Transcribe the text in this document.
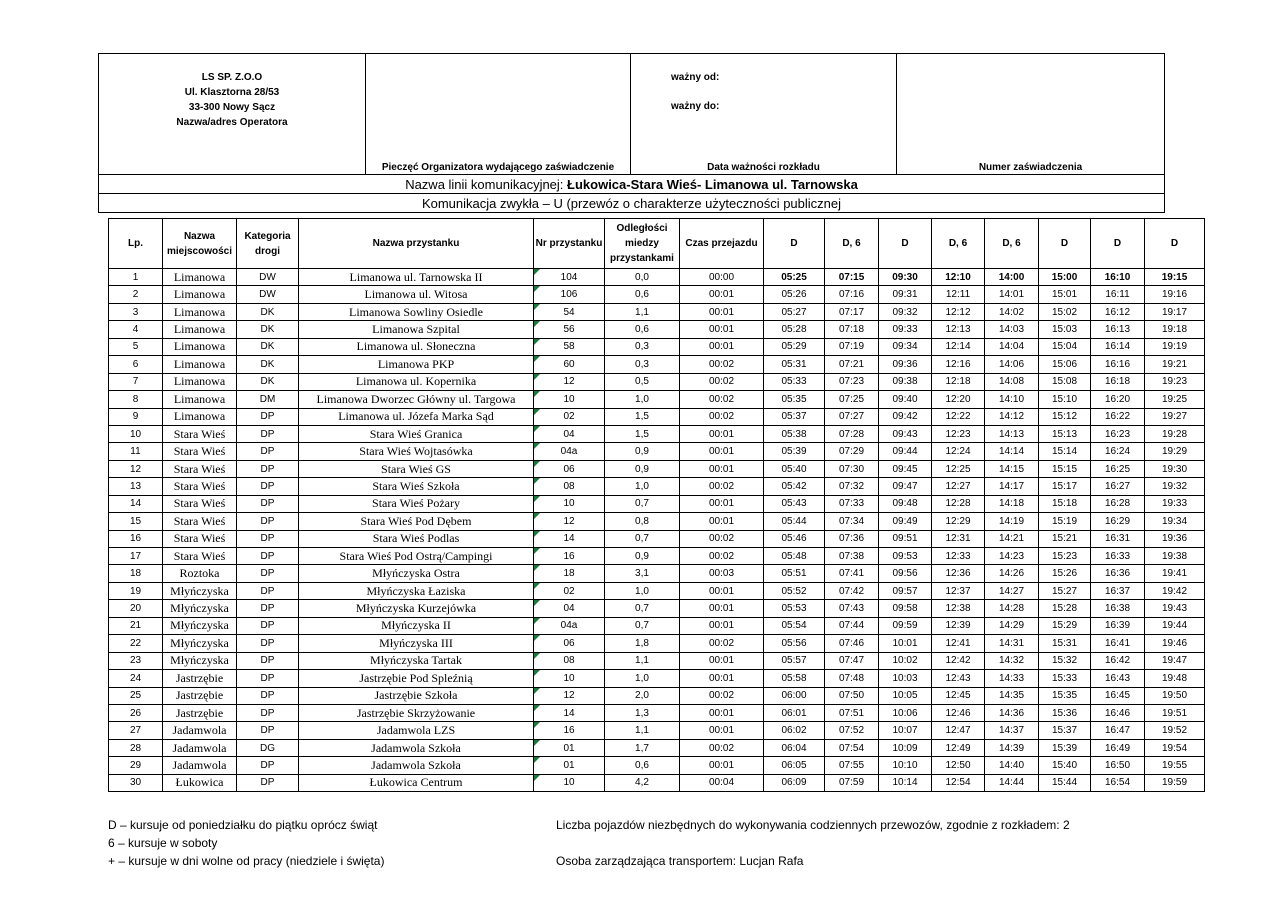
LS SP. Z.O.O
Ul. Klasztorna 28/53
33-300 Nowy Sącz
Nazwa/adres Operatora

Pieczęć Organizatora wydającego zaświadczenie

ważny od:
ważny do:
Data ważności rozkładu	Numer zaświadczenia

Nazwa linii komunikacyjnej: Łukowica-Stara Wieś- Limanowa ul. Tarnowska
Komunikacja zwykła – U (przewóz o charakterze użyteczności publicznej
Lp.	Nazwa miejscowości	Kategoria drogi	Nazwa przystanku	Nr przystanku	Odległości miedzy przystankami	Czas przejazdu	D	D, 6	D	D, 6	D, 6	D	D	D
1	Limanowa	DW	Limanowa ul. Tarnowska II	104	0,0	00:00	05:25	07:15	09:30	12:10	14:00	15:00	16:10	19:15
2	Limanowa	DW	Limanowa ul. Witosa	106	0,6	00:01	05:26	07:16	09:31	12:11	14:01	15:01	16:11	19:16
3	Limanowa	DK	Limanowa Sowliny Osiedle	54	1,1	00:01	05:27	07:17	09:32	12:12	14:02	15:02	16:12	19:17
4	Limanowa	DK	Limanowa Szpital	56	0,6	00:01	05:28	07:18	09:33	12:13	14:03	15:03	16:13	19:18
5	Limanowa	DK	Limanowa ul. Słoneczna	58	0,3	00:01	05:29	07:19	09:34	12:14	14:04	15:04	16:14	19:19
6	Limanowa	DK	Limanowa PKP	60	0,3	00:02	05:31	07:21	09:36	12:16	14:06	15:06	16:16	19:21
7	Limanowa	DK	Limanowa ul. Kopernika	12	0,5	00:02	05:33	07:23	09:38	12:18	14:08	15:08	16:18	19:23
8	Limanowa	DM	Limanowa Dworzec Główny ul. Targowa	10	1,0	00:02	05:35	07:25	09:40	12:20	14:10	15:10	16:20	19:25
9	Limanowa	DP	Limanowa ul. Józefa Marka Sąd	02	1,5	00:02	05:37	07:27	09:42	12:22	14:12	15:12	16:22	19:27
10	Stara Wieś	DP	Stara Wieś Granica	04	1,5	00:01	05:38	07:28	09:43	12:23	14:13	15:13	16:23	19:28
11	Stara Wieś	DP	Stara Wieś Wojtasówka	04a	0,9	00:01	05:39	07:29	09:44	12:24	14:14	15:14	16:24	19:29
12	Stara Wieś	DP	Stara Wieś GS	06	0,9	00:01	05:40	07:30	09:45	12:25	14:15	15:15	16:25	19:30
13	Stara Wieś	DP	Stara Wieś Szkoła	08	1,0	00:02	05:42	07:32	09:47	12:27	14:17	15:17	16:27	19:32
14	Stara Wieś	DP	Stara Wieś Pożary	10	0,7	00:01	05:43	07:33	09:48	12:28	14:18	15:18	16:28	19:33
15	Stara Wieś	DP	Stara Wieś Pod Dębem	12	0,8	00:01	05:44	07:34	09:49	12:29	14:19	15:19	16:29	19:34
16	Stara Wieś	DP	Stara Wieś Podlas	14	0,7	00:02	05:46	07:36	09:51	12:31	14:21	15:21	16:31	19:36
17	Stara Wieś	DP	Stara Wieś Pod Ostrą/Campingi	16	0,9	00:02	05:48	07:38	09:53	12:33	14:23	15:23	16:33	19:38
18	Roztoka	DP	Młyńczyska Ostra	18	3,1	00:03	05:51	07:41	09:56	12:36	14:26	15:26	16:36	19:41
19	Młyńczyska	DP	Młyńczyska Łaziska	02	1,0	00:01	05:52	07:42	09:57	12:37	14:27	15:27	16:37	19:42
20	Młyńczyska	DP	Młyńczyska Kurzejówka	04	0,7	00:01	05:53	07:43	09:58	12:38	14:28	15:28	16:38	19:43
21	Młyńczyska	DP	Młyńczyska II	04a	0,7	00:01	05:54	07:44	09:59	12:39	14:29	15:29	16:39	19:44
22	Młyńczyska	DP	Młyńczyska III	06	1,8	00:02	05:56	07:46	10:01	12:41	14:31	15:31	16:41	19:46
23	Młyńczyska	DP	Młyńczyska Tartak	08	1,1	00:01	05:57	07:47	10:02	12:42	14:32	15:32	16:42	19:47
24	Jastrzębie	DP	Jastrzębie Pod Spleźnią	10	1,0	00:01	05:58	07:48	10:03	12:43	14:33	15:33	16:43	19:48
25	Jastrzębie	DP	Jastrzębie Szkoła	12	2,0	00:02	06:00	07:50	10:05	12:45	14:35	15:35	16:45	19:50
26	Jastrzębie	DP	Jastrzębie Skrzyżowanie	14	1,3	00:01	06:01	07:51	10:06	12:46	14:36	15:36	16:46	19:51
27	Jadamwola	DP	Jadamwola LZS	16	1,1	00:01	06:02	07:52	10:07	12:47	14:37	15:37	16:47	19:52
28	Jadamwola	DG	Jadamwola Szkoła	01	1,7	00:02	06:04	07:54	10:09	12:49	14:39	15:39	16:49	19:54
29	Jadamwola	DP	Jadamwola Szkoła	01	0,6	00:01	06:05	07:55	10:10	12:50	14:40	15:40	16:50	19:55
30	Łukowica	DP	Łukowica Centrum	10	4,2	00:04	06:09	07:59	10:14	12:54	14:44	15:44	16:54	19:59
D – kursuje od poniedziałku do piątku oprócz świąt
6 – kursuje w soboty
+ – kursuje w dni wolne od pracy (niedziele i święta)
Liczba pojazdów niezbędnych do wykonywania codziennych przewozów, zgodnie z rozkładem: 2
Osoba zarządzająca transportem: Lucjan Rafa
